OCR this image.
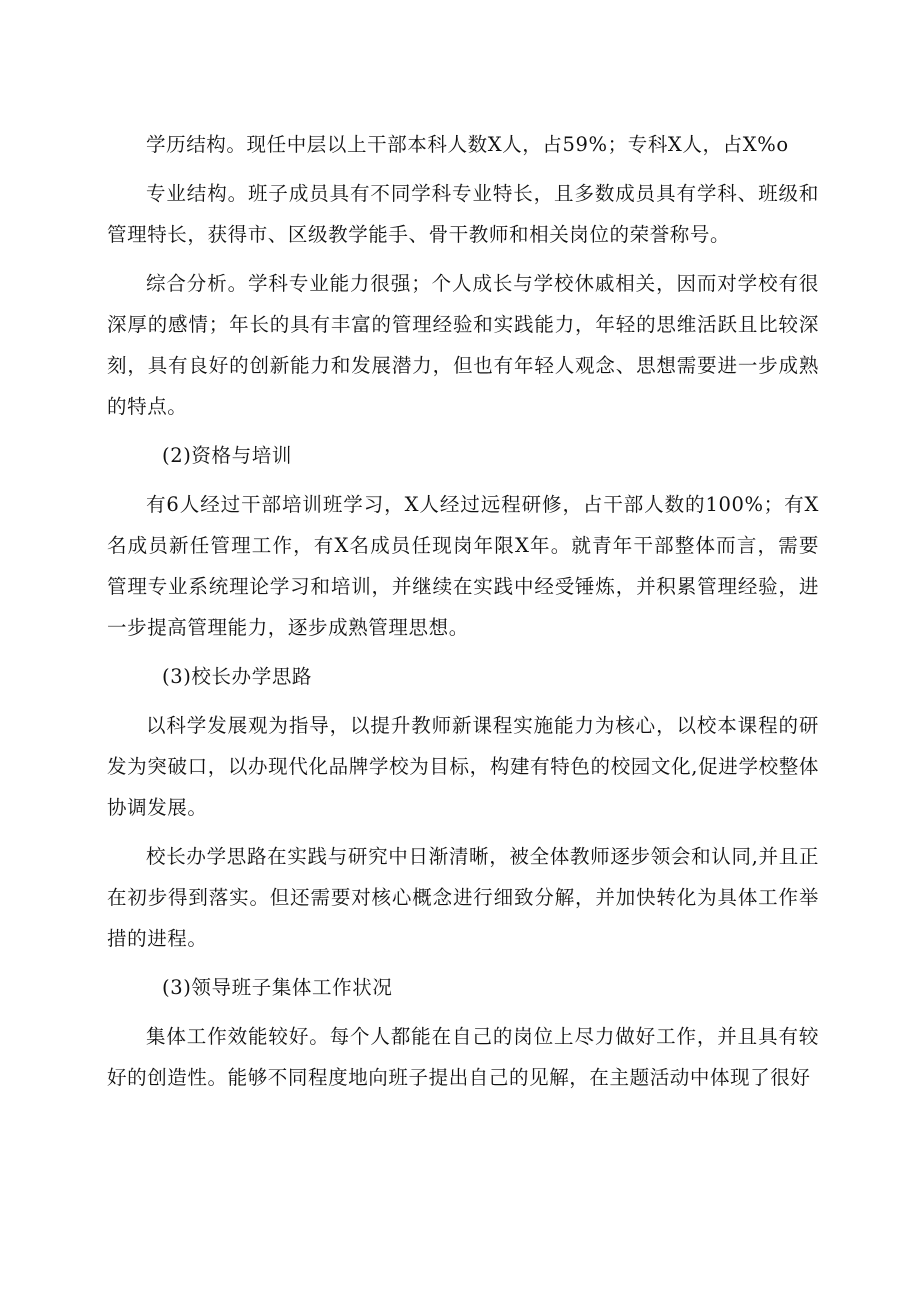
学历结构。现任中层以上干部本科人数X人，占59%；专科X人，占X%o

专业结构。班子成员具有不同学科专业特长，且多数成员具有学科、班级和管理特长，获得市、区级教学能手、骨干教师和相关岗位的荣誉称号。

综合分析。学科专业能力很强；个人成长与学校休戚相关，因而对学校有很深厚的感情；年长的具有丰富的管理经验和实践能力，年轻的思维活跃且比较深刻，具有良好的创新能力和发展潜力，但也有年轻人观念、思想需要进一步成熟的特点。

(2)资格与培训

有6人经过干部培训班学习，X人经过远程研修，占干部人数的100%；有X名成员新任管理工作，有X名成员任现岗年限X年。就青年干部整体而言，需要管理专业系统理论学习和培训，并继续在实践中经受锤炼，并积累管理经验，进一步提高管理能力，逐步成熟管理思想。

(3)校长办学思路

以科学发展观为指导，以提升教师新课程实施能力为核心，以校本课程的研发为突破口，以办现代化品牌学校为目标，构建有特色的校园文化,促进学校整体协调发展。

校长办学思路在实践与研究中日渐清晰，被全体教师逐步领会和认同,并且正在初步得到落实。但还需要对核心概念进行细致分解，并加快转化为具体工作举措的进程。

(3)领导班子集体工作状况

集体工作效能较好。每个人都能在自己的岗位上尽力做好工作，并且具有较好的创造性。能够不同程度地向班子提出自己的见解，在主题活动中体现了很好
